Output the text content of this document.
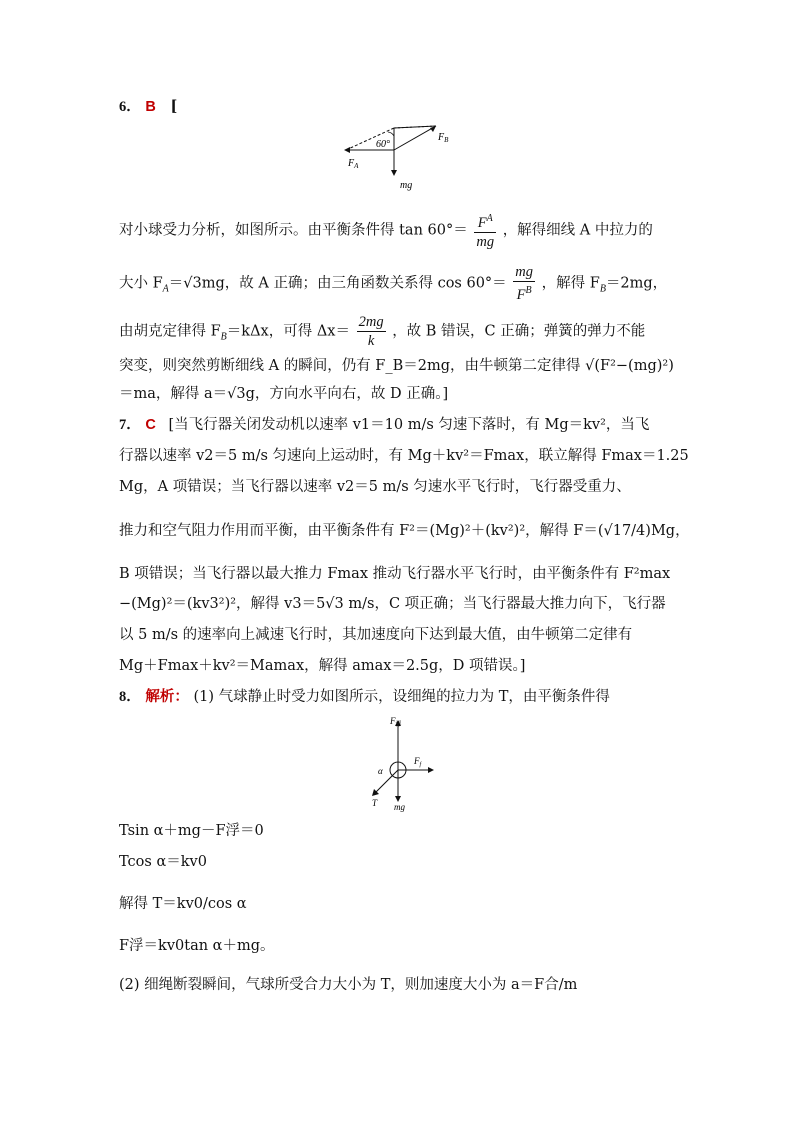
6． B [
$F_B$
60°
$F_A$
mg
对小球受力分析，如图所示。由平衡条件得 $\tan 60^\circ= \frac{F^A}{mg}$ ，解得细线 A 中拉力的
大小 $F_A=√3mg$，故 A 正确；由三角函数关系得 $\cos 60^\circ= \frac{mg}{F^B}$ ，解得 $F_B=2mg$，
由胡克定律得 $F_B=k\Delta x$，可得 $\Delta x= \frac{2mg}{k}$ ，故 B 错误，C 正确；弹簧的弹力不能
突变，则突然剪断细线 A 的瞬间，仍有 F_B＝2mg，由牛顿第二定律得 √(F²−(mg)²)
＝ma，解得 a＝√3g，方向水平向右，故 D 正确。]
7． C [当飞行器关闭发动机以速率 v1＝10 m/s 匀速下落时，有 Mg＝kv²，当飞
行器以速率 v2＝5 m/s 匀速向上运动时，有 Mg＋kv²＝Fmax，联立解得 Fmax＝1.25
Mg，A 项错误；当飞行器以速率 v2＝5 m/s 匀速水平飞行时，飞行器受重力、
推力和空气阻力作用而平衡，由平衡条件有 F²＝(Mg)²＋(kv²)²，解得 F＝(√17/4)Mg，
B 项错误；当飞行器以最大推力 Fmax 推动飞行器水平飞行时，由平衡条件有 F²max
−(Mg)²＝(kv3²)²，解得 v3＝5√3 m/s，C 项正确；当飞行器最大推力向下，飞行器
以 5 m/s 的速率向上减速飞行时，其加速度向下达到最大值，由牛顿第二定律有
Mg＋Fmax＋kv²＝Mamax，解得 amax＝2.5g，D 项错误。]
8． 解析： (1) 气球静止时受力如图所示，设细绳的拉力为 T，由平衡条件得
$F_浮$
$F_f$
α
T mg
Tsin α＋mg－F浮＝0
Tcos α＝kv0
解得 T＝kv0/cos α
F浮＝kv0tan α＋mg。
(2) 细绳断裂瞬间，气球所受合力大小为 T，则加速度大小为 a＝F合/m
